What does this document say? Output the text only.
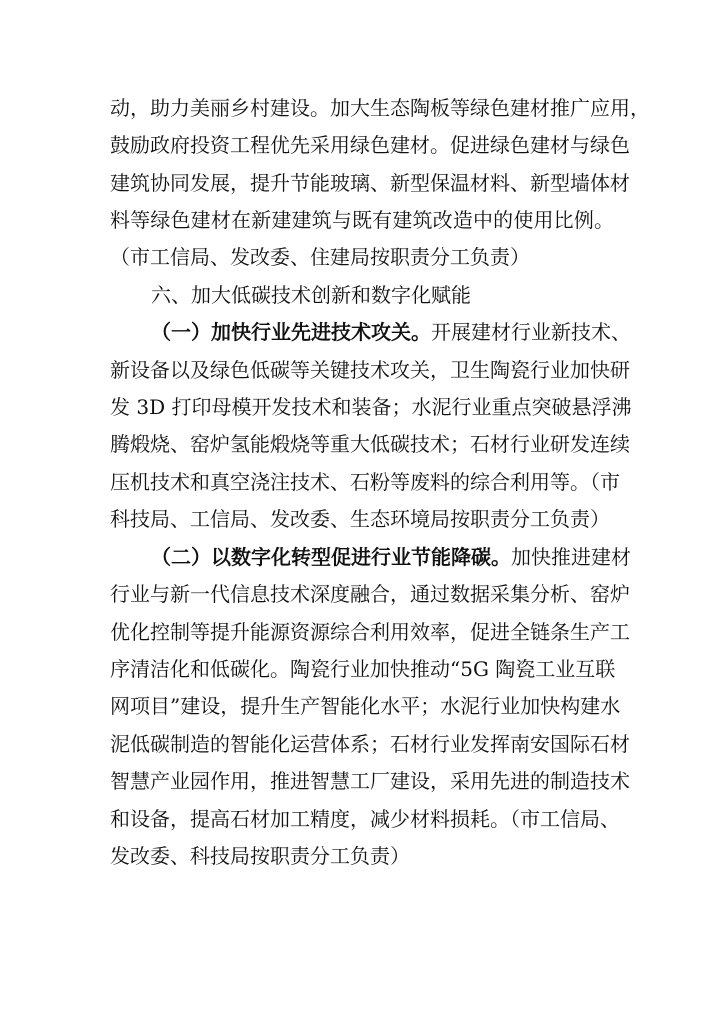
动，助力美丽乡村建设。加大生态陶板等绿色建材推广应用，
鼓励政府投资工程优先采用绿色建材。促进绿色建材与绿色
建筑协同发展，提升节能玻璃、新型保温材料、新型墙体材
料等绿色建材在新建建筑与既有建筑改造中的使用比例。
（市工信局、发改委、住建局按职责分工负责）
六、加大低碳技术创新和数字化赋能
（一）加快行业先进技术攻关。开展建材行业新技术、
新设备以及绿色低碳等关键技术攻关，卫生陶瓷行业加快研
发 3D 打印母模开发技术和装备；水泥行业重点突破悬浮沸
腾煅烧、窑炉氢能煅烧等重大低碳技术；石材行业研发连续
压机技术和真空浇注技术、石粉等废料的综合利用等。（市
科技局、工信局、发改委、生态环境局按职责分工负责）
（二）以数字化转型促进行业节能降碳。加快推进建材
行业与新一代信息技术深度融合，通过数据采集分析、窑炉
优化控制等提升能源资源综合利用效率，促进全链条生产工
序清洁化和低碳化。陶瓷行业加快推动“5G 陶瓷工业互联
网项目”建设，提升生产智能化水平；水泥行业加快构建水
泥低碳制造的智能化运营体系；石材行业发挥南安国际石材
智慧产业园作用，推进智慧工厂建设，采用先进的制造技术
和设备，提高石材加工精度，减少材料损耗。（市工信局、
发改委、科技局按职责分工负责）
